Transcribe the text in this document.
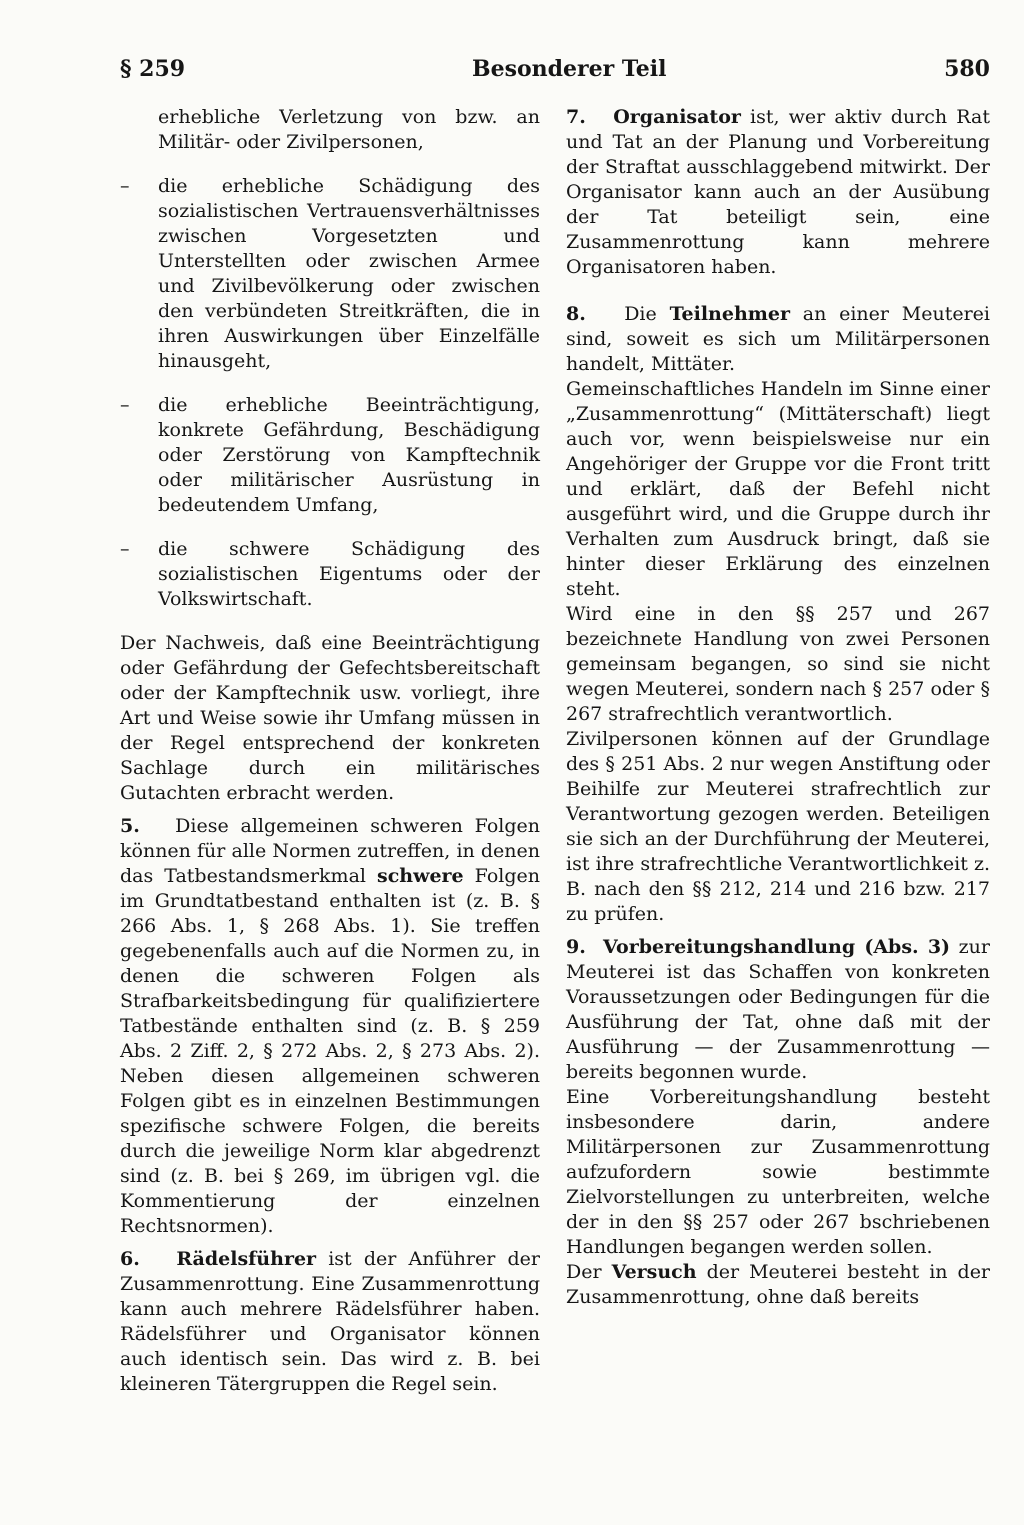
§ 259	Besonderer Teil	580

erhebliche Verletzung von bzw. an Militär- oder Zivilpersonen,

– die erhebliche Schädigung des sozialistischen Vertrauensverhältnisses zwischen Vorgesetzten und Unterstellten oder zwischen Armee und Zivilbevölkerung oder zwischen den verbündeten Streitkräften, die in ihren Auswirkungen über Einzelfälle hinausgeht,

– die erhebliche Beeinträchtigung, konkrete Gefährdung, Beschädigung oder Zerstörung von Kampftechnik oder militärischer Ausrüstung in bedeutendem Umfang,

– die schwere Schädigung des sozialistischen Eigentums oder der Volkswirtschaft.

Der Nachweis, daß eine Beeinträchtigung oder Gefährdung der Gefechtsbereitschaft oder der Kampftechnik usw. vorliegt, ihre Art und Weise sowie ihr Umfang müssen in der Regel entsprechend der konkreten Sachlage durch ein militärisches Gutachten erbracht werden.

5. Diese allgemeinen schweren Folgen können für alle Normen zutreffen, in denen das Tatbestandsmerkmal schwere Folgen im Grundtatbestand enthalten ist (z. B. § 266 Abs. 1, § 268 Abs. 1). Sie treffen gegebenenfalls auch auf die Normen zu, in denen die schweren Folgen als Strafbarkeitsbedingung für qualifiziertere Tatbestände enthalten sind (z. B. § 259 Abs. 2 Ziff. 2, § 272 Abs. 2, § 273 Abs. 2). Neben diesen allgemeinen schweren Folgen gibt es in einzelnen Bestimmungen spezifische schwere Folgen, die bereits durch die jeweilige Norm klar abgedrenzt sind (z. B. bei § 269, im übrigen vgl. die Kommentierung der einzelnen Rechtsnormen).

6. Rädelsführer ist der Anführer der Zusammenrottung. Eine Zusammenrottung kann auch mehrere Rädelsführer haben. Rädelsführer und Organisator können auch identisch sein. Das wird z. B. bei kleineren Tätergruppen die Regel sein.

7. Organisator ist, wer aktiv durch Rat und Tat an der Planung und Vorbereitung der Straftat ausschlaggebend mitwirkt. Der Organisator kann auch an der Ausübung der Tat beteiligt sein, eine Zusammenrottung kann mehrere Organisatoren haben.

8. Die Teilnehmer an einer Meuterei sind, soweit es sich um Militärpersonen handelt, Mittäter.

Gemeinschaftliches Handeln im Sinne einer „Zusammenrottung“ (Mittäterschaft) liegt auch vor, wenn beispielsweise nur ein Angehöriger der Gruppe vor die Front tritt und erklärt, daß der Befehl nicht ausgeführt wird, und die Gruppe durch ihr Verhalten zum Ausdruck bringt, daß sie hinter dieser Erklärung des einzelnen steht.

Wird eine in den §§ 257 und 267 bezeichnete Handlung von zwei Personen gemeinsam begangen, so sind sie nicht wegen Meuterei, sondern nach § 257 oder § 267 strafrechtlich verantwortlich.

Zivilpersonen können auf der Grundlage des § 251 Abs. 2 nur wegen Anstiftung oder Beihilfe zur Meuterei strafrechtlich zur Verantwortung gezogen werden. Beteiligen sie sich an der Durchführung der Meuterei, ist ihre strafrechtliche Verantwortlichkeit z. B. nach den §§ 212, 214 und 216 bzw. 217 zu prüfen.

9. Vorbereitungshandlung (Abs. 3) zur Meuterei ist das Schaffen von konkreten Voraussetzungen oder Bedingungen für die Ausführung der Tat, ohne daß mit der Ausführung — der Zusammenrottung — bereits begonnen wurde.

Eine Vorbereitungshandlung besteht insbesondere darin, andere Militärpersonen zur Zusammenrottung aufzufordern sowie bestimmte Zielvorstellungen zu unterbreiten, welche der in den §§ 257 oder 267 bschriebenen Handlungen begangen werden sollen.

Der Versuch der Meuterei besteht in der Zusammenrottung, ohne daß bereits
